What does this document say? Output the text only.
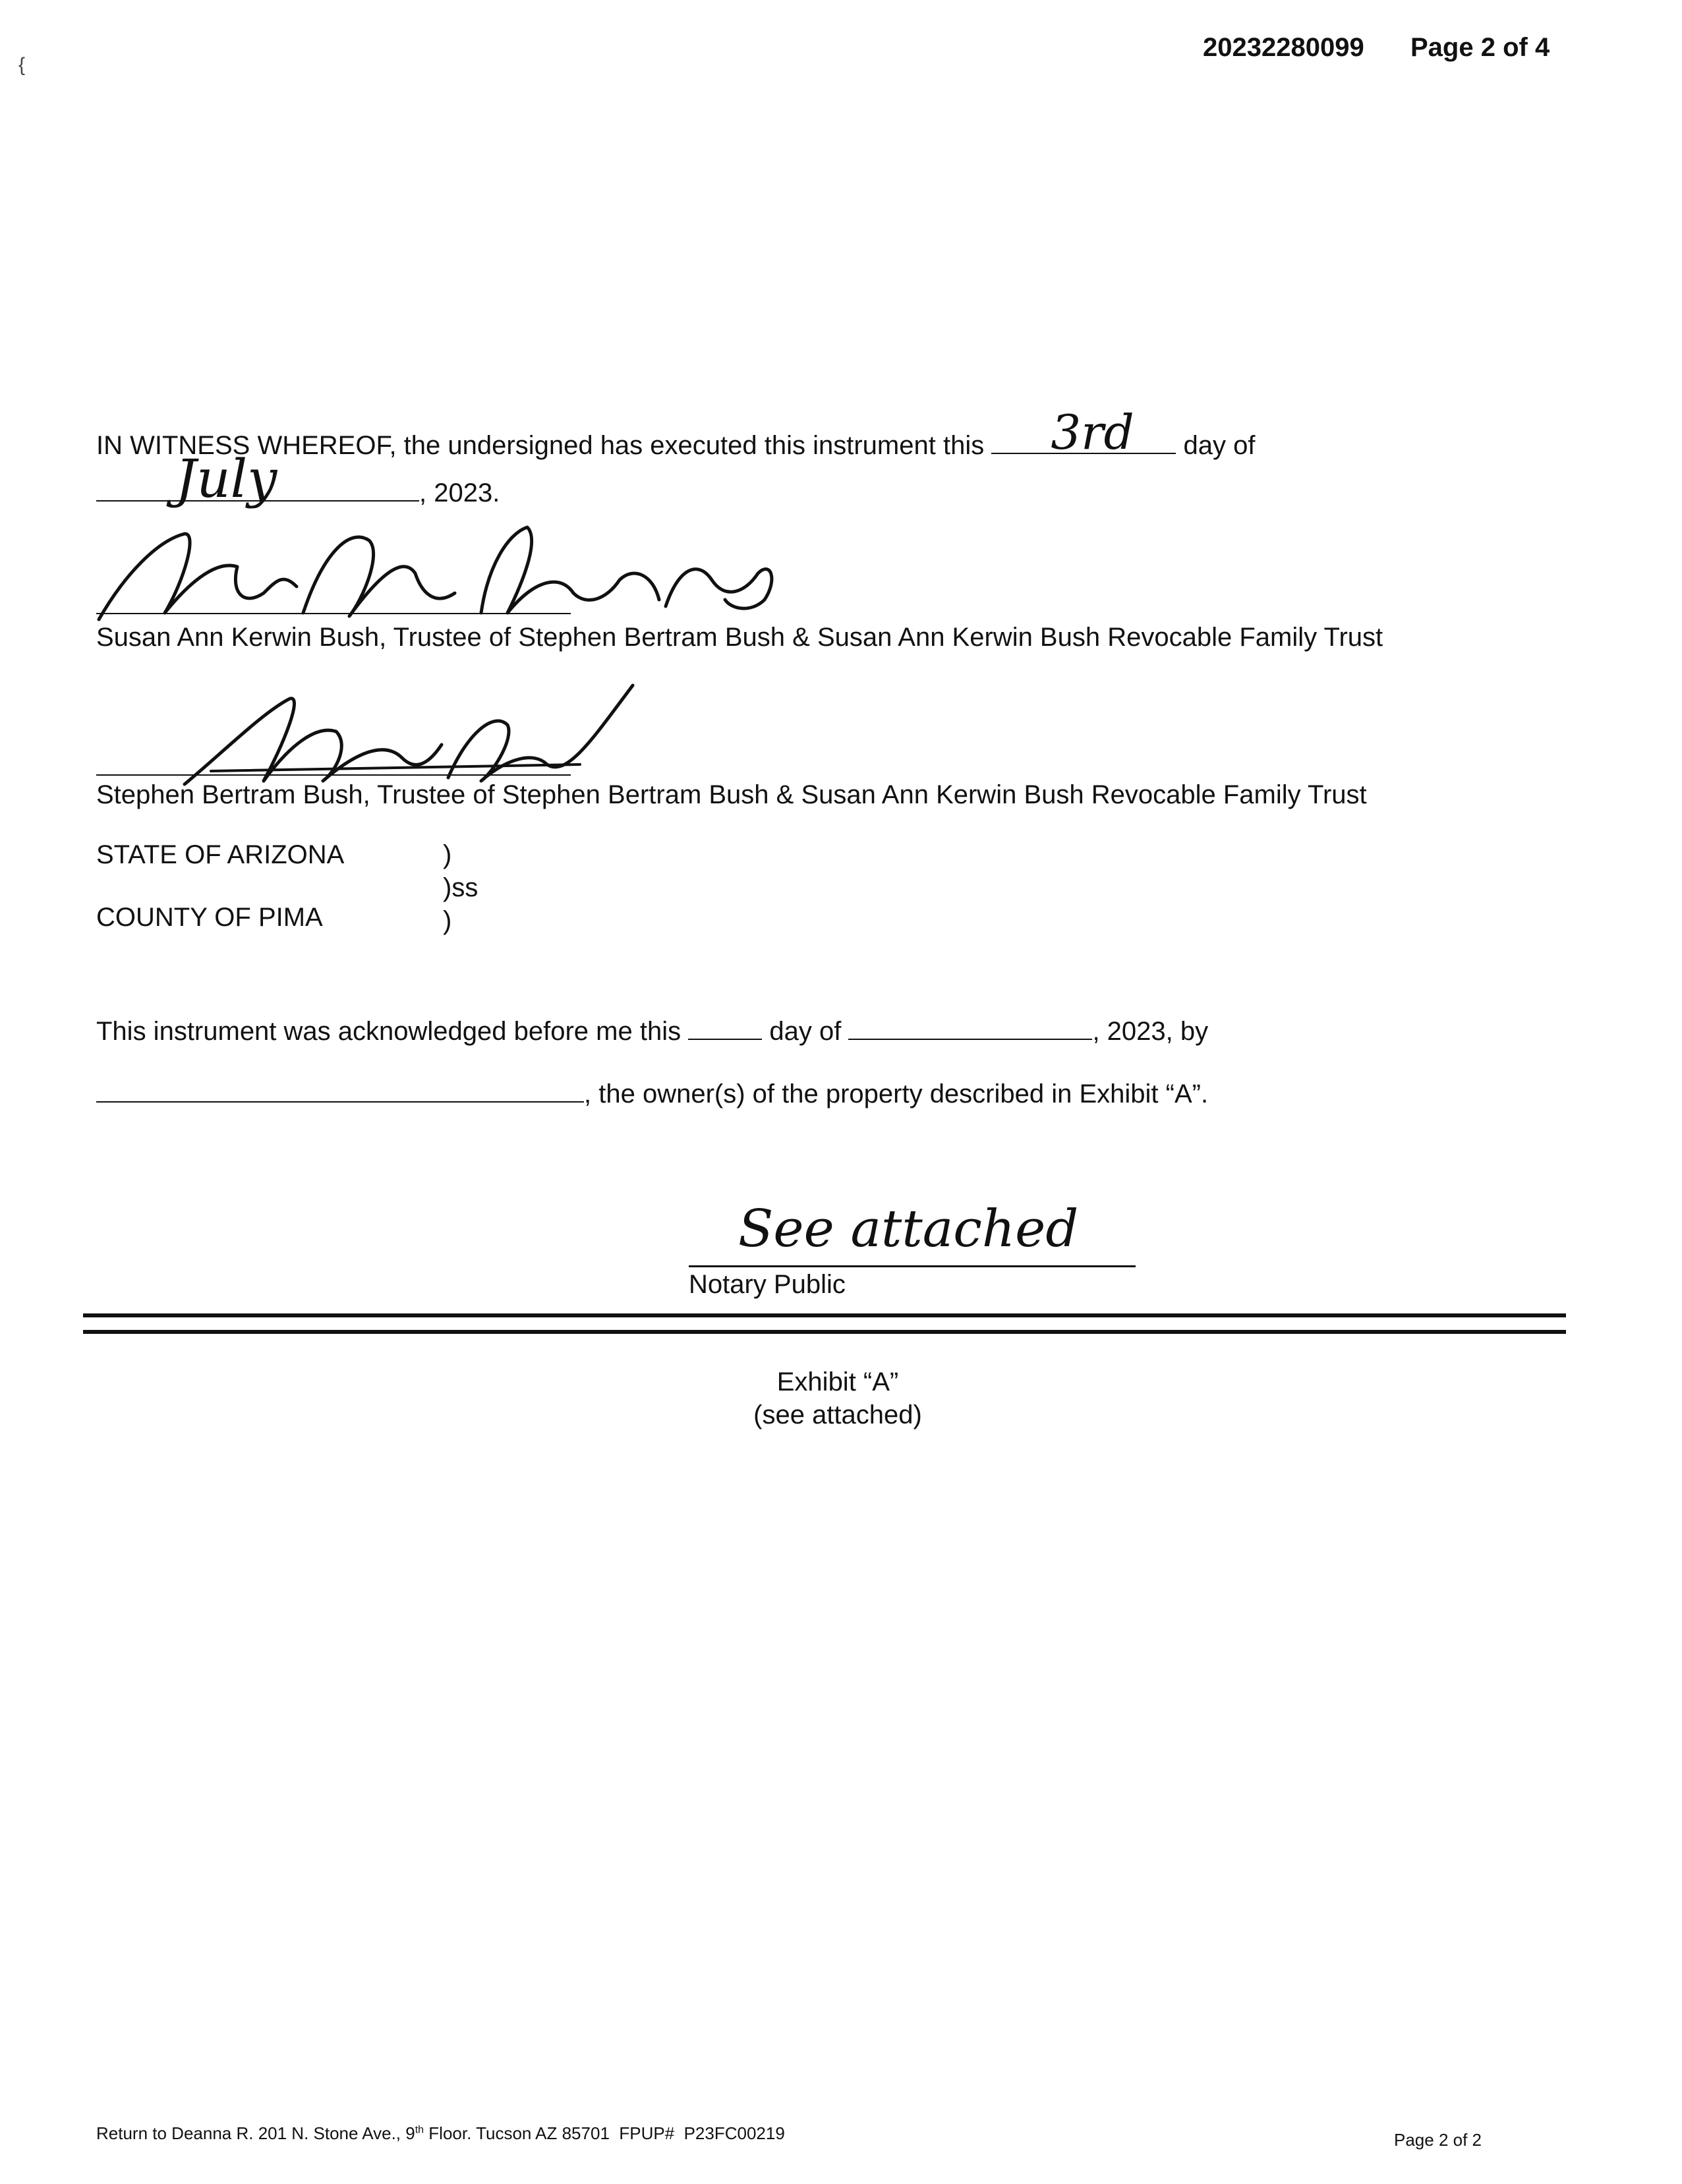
20232280099 Page 2 of 4
{
IN WITNESS WHEREOF, the undersigned has executed this instrument this 3rd day of
July	, 2023.
Susan Ann Kerwin Bush, Trustee of Stephen Bertram Bush & Susan Ann Kerwin Bush Revocable Family Trust
Stephen Bertram Bush, Trustee of Stephen Bertram Bush & Susan Ann Kerwin Bush Revocable Family Trust
STATE OF ARIZONA	)
)ss
COUNTY OF PIMA	)
This instrument was acknowledged before me this	day of	, 2023, by
, the owner(s) of the property described in Exhibit “A”.
See attached
Notary Public
Exhibit “A”
(see attached)
Return to Deanna R. 201 N. Stone Ave., 9th Floor. Tucson AZ 85701  FPUP#  P23FC00219	Page 2 of 2
